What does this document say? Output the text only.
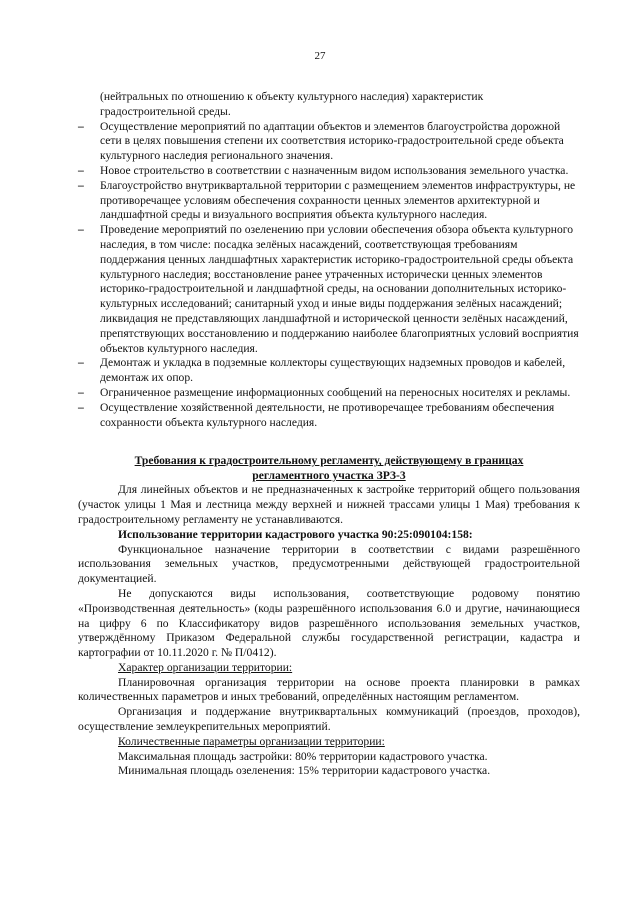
27

(нейтральных по отношению к объекту культурного наследия) характеристик градостроительной среды.

–	Осуществление мероприятий по адаптации объектов и элементов благоустройства дорожной сети в целях повышения степени их соответствия историко-градостроительной среде объекта культурного наследия регионального значения.
–	Новое строительство в соответствии с назначенным видом использования земельного участка.
–	Благоустройство внутриквартальной территории с размещением элементов инфраструктуры, не противоречащее условиям обеспечения сохранности ценных элементов архитектурной и ландшафтной среды и визуального восприятия объекта культурного наследия.
–	Проведение мероприятий по озеленению при условии обеспечения обзора объекта культурного наследия, в том числе: посадка зелёных насаждений, соответствующая требованиям поддержания ценных ландшафтных характеристик историко-градостроительной среды объекта культурного наследия; восстановление ранее утраченных исторически ценных элементов историко-градостроительной и ландшафтной среды, на основании дополнительных историко-культурных исследований; санитарный уход и иные виды поддержания зелёных насаждений; ликвидация не представляющих ландшафтной и исторической ценности зелёных насаждений, препятствующих восстановлению и поддержанию наиболее благоприятных условий восприятия объектов культурного наследия.
–	Демонтаж и укладка в подземные коллекторы существующих надземных проводов и кабелей, демонтаж их опор.
–	Ограниченное размещение информационных сообщений на переносных носителях и рекламы.
–	Осуществление хозяйственной деятельности, не противоречащее требованиям обеспечения сохранности объекта культурного наследия.
Требования к градостроительному регламенту, действующему в границах
регламентного участка ЗРЗ-3

Для линейных объектов и не предназначенных к застройке территорий общего пользования (участок улицы 1 Мая и лестница между верхней и нижней трассами улицы 1 Мая) требования к градостроительному регламенту не устанавливаются.

Использование территории кадастрового участка 90:25:090104:158:

Функциональное назначение территории в соответствии с видами разрешённого использования земельных участков, предусмотренными действующей градостроительной документацией.

Не допускаются виды использования, соответствующие родовому понятию «Производственная деятельность» (коды разрешённого использования 6.0 и другие, начинающиеся на цифру 6 по Классификатору видов разрешённого использования земельных участков, утверждённому Приказом Федеральной службы государственной регистрации, кадастра и картографии от 10.11.2020 г. № П/0412).

Характер организации территории:

Планировочная организация территории на основе проекта планировки в рамках количественных параметров и иных требований, определённых настоящим регламентом.

Организация и поддержание внутриквартальных коммуникаций (проездов, проходов), осуществление землеукрепительных мероприятий.

Количественные параметры организации территории:

Максимальная площадь застройки: 80% территории кадастрового участка.

Минимальная площадь озеленения: 15% территории кадастрового участка.
